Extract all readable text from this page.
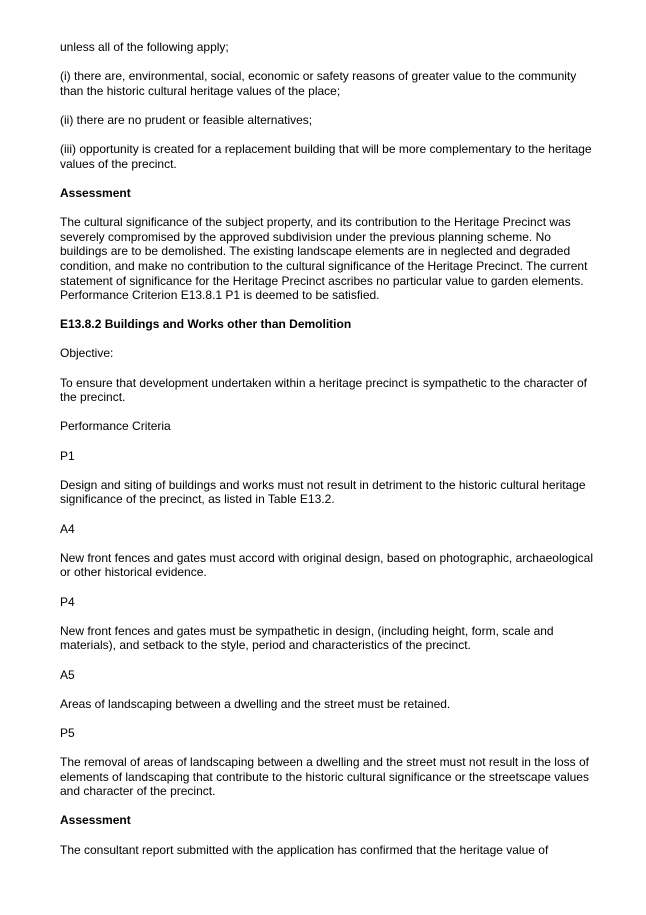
unless all of the following apply;

(i) there are, environmental, social, economic or safety reasons of greater value to the community than the historic cultural heritage values of the place;

(ii) there are no prudent or feasible alternatives;

(iii) opportunity is created for a replacement building that will be more complementary to the heritage values of the precinct.

Assessment

The cultural significance of the subject property, and its contribution to the Heritage Precinct was severely compromised by the approved subdivision under the previous planning scheme. No buildings are to be demolished. The existing landscape elements are in neglected and degraded condition, and make no contribution to the cultural significance of the Heritage Precinct. The current statement of significance for the Heritage Precinct ascribes no particular value to garden elements. Performance Criterion E13.8.1 P1 is deemed to be satisfied.

E13.8.2 Buildings and Works other than Demolition

Objective:

To ensure that development undertaken within a heritage precinct is sympathetic to the character of the precinct.

Performance Criteria

P1

Design and siting of buildings and works must not result in detriment to the historic cultural heritage significance of the precinct, as listed in Table E13.2.

A4

New front fences and gates must accord with original design, based on photographic, archaeological or other historical evidence.

P4

New front fences and gates must be sympathetic in design, (including height, form, scale and materials), and setback to the style, period and characteristics of the precinct.

A5

Areas of landscaping between a dwelling and the street must be retained.

P5

The removal of areas of landscaping between a dwelling and the street must not result in the loss of elements of landscaping that contribute to the historic cultural significance or the streetscape values and character of the precinct.

Assessment

The consultant report submitted with the application has confirmed that the heritage value of
